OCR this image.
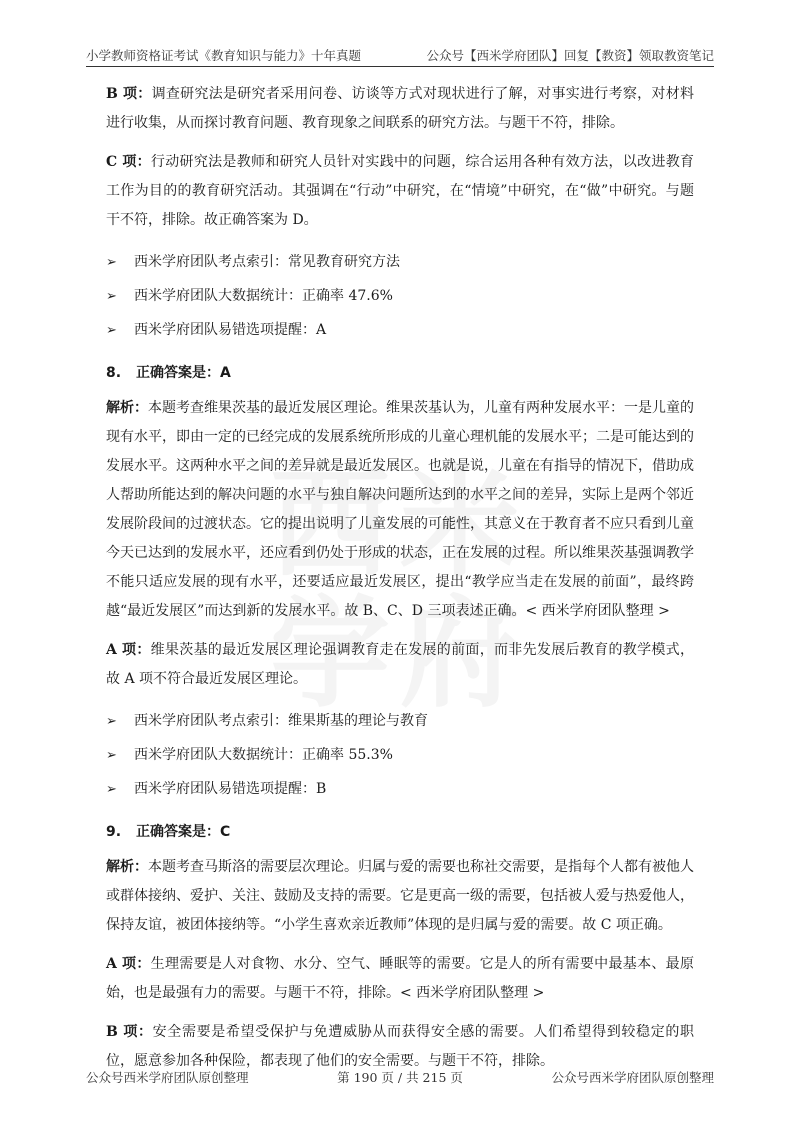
小学教师资格证考试《教育知识与能力》十年真题	公众号【西米学府团队】回复【教资】领取教资笔记

B 项：调查研究法是研究者采用问卷、访谈等方式对现状进行了解，对事实进行考察，对材料进行收集，从而探讨教育问题、教育现象之间联系的研究方法。与题干不符，排除。

C 项：行动研究法是教师和研究人员针对实践中的问题，综合运用各种有效方法，以改进教育工作为目的的教育研究活动。其强调在“行动”中研究，在“情境”中研究，在“做”中研究。与题干不符，排除。故正确答案为 D。

➢	西米学府团队考点索引：常见教育研究方法
➢	西米学府团队大数据统计：正确率 47.6%
➢	西米学府团队易错选项提醒：A
8. 正确答案是：A

解析：本题考查维果茨基的最近发展区理论。维果茨基认为，儿童有两种发展水平：一是儿童的现有水平，即由一定的已经完成的发展系统所形成的儿童心理机能的发展水平；二是可能达到的发展水平。这两种水平之间的差异就是最近发展区。也就是说，儿童在有指导的情况下，借助成人帮助所能达到的解决问题的水平与独自解决问题所达到的水平之间的差异，实际上是两个邻近发展阶段间的过渡状态。它的提出说明了儿童发展的可能性，其意义在于教育者不应只看到儿童今天已达到的发展水平，还应看到仍处于形成的状态，正在发展的过程。所以维果茨基强调教学不能只适应发展的现有水平，还要适应最近发展区，提出“教学应当走在发展的前面”，最终跨越“最近发展区”而达到新的发展水平。故 B、C、D 三项表述正确。< 西米学府团队整理 >

A 项：维果茨基的最近发展区理论强调教育走在发展的前面，而非先发展后教育的教学模式，故 A 项不符合最近发展区理论。

➢	西米学府团队考点索引：维果斯基的理论与教育
➢	西米学府团队大数据统计：正确率 55.3%
➢	西米学府团队易错选项提醒：B
9. 正确答案是：C

解析：本题考查马斯洛的需要层次理论。归属与爱的需要也称社交需要，是指每个人都有被他人或群体接纳、爱护、关注、鼓励及支持的需要。它是更高一级的需要，包括被人爱与热爱他人，保持友谊，被团体接纳等。“小学生喜欢亲近教师”体现的是归属与爱的需要。故 C 项正确。

A 项：生理需要是人对食物、水分、空气、睡眠等的需要。它是人的所有需要中最基本、最原始，也是最强有力的需要。与题干不符，排除。< 西米学府团队整理 >

B 项：安全需要是希望受保护与免遭威胁从而获得安全感的需要。人们希望得到较稳定的职位，愿意参加各种保险，都表现了他们的安全需要。与题干不符，排除。

公众号西米学府团队原创整理	第 190 页 / 共 215 页	公众号西米学府团队原创整理
